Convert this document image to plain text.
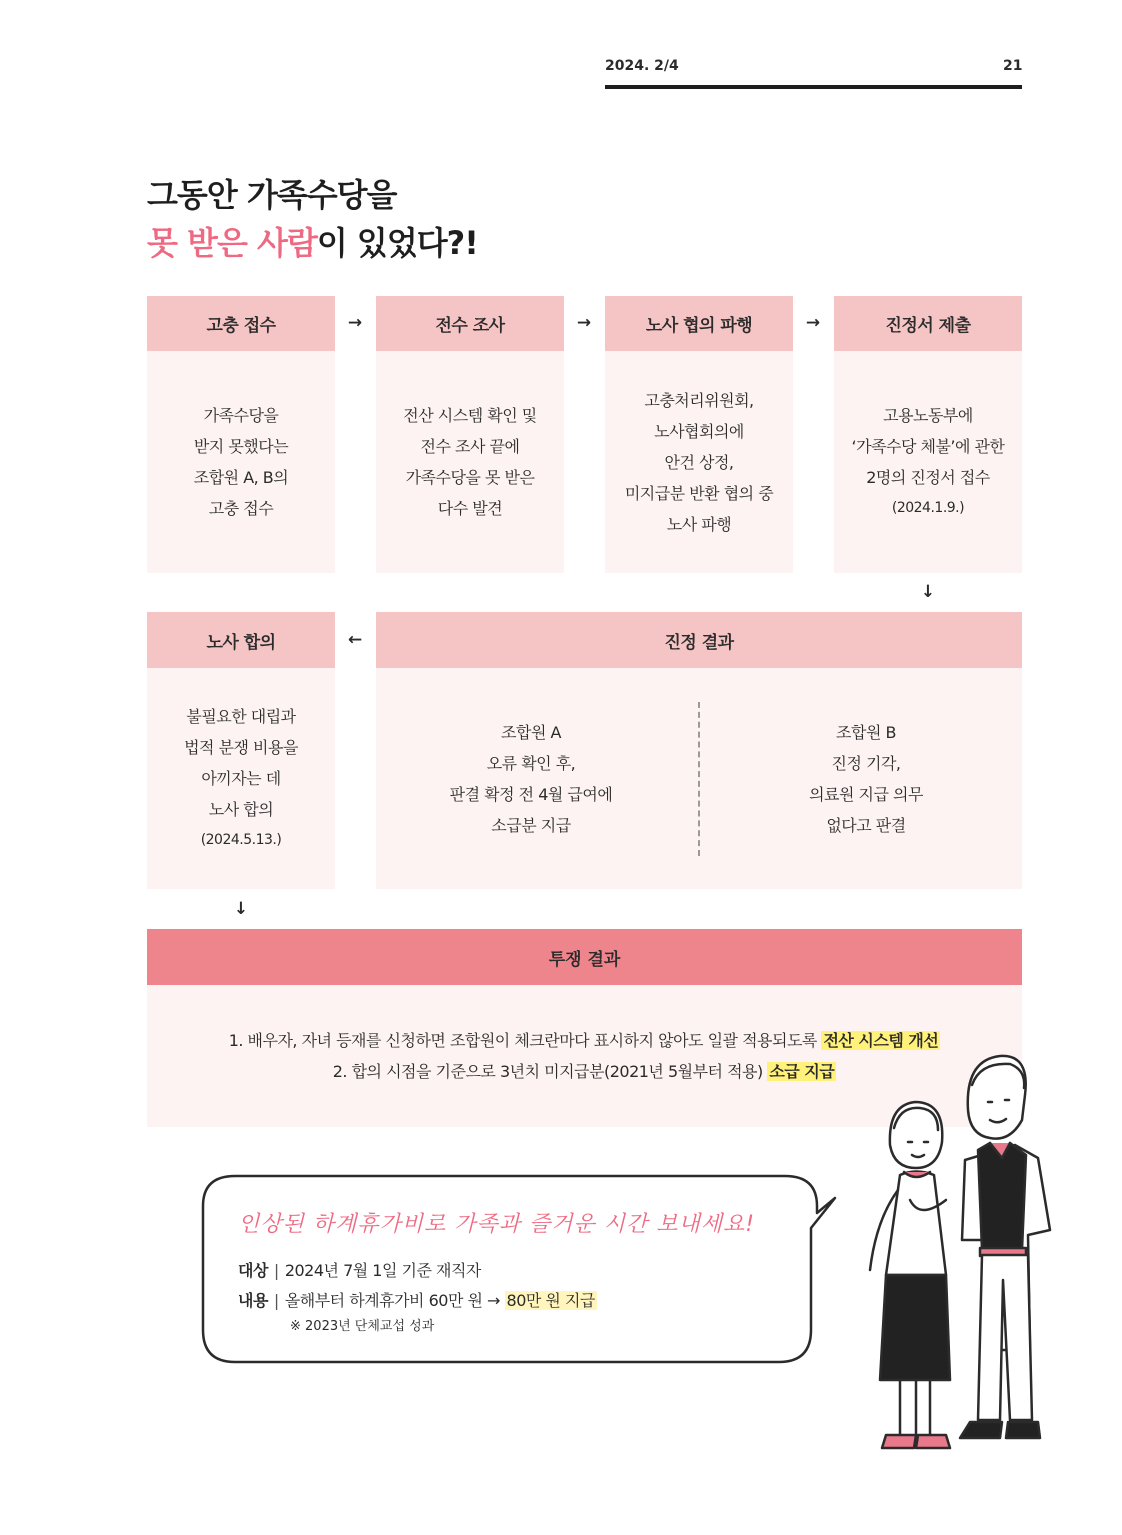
2024. 2/4	21
그동안 가족수당을
못 받은 사람이 있었다?!
고충 접수
가족수당을
받지 못했다는
조합원 A, B의
고충 접수
→	전수 조사
전산 시스템 확인 및
전수 조사 끝에
가족수당을 못 받은
다수 발견
→	노사 협의 파행
고충처리위원회,
노사협회의에
안건 상정,
미지급분 반환 협의 중
노사 파행
→	진정서 제출
고용노동부에
‘가족수당 체불’에 관한
2명의 진정서 접수
(2024.1.9.)
↓
노사 합의
불필요한 대립과
법적 분쟁 비용을
아끼자는 데
노사 합의
(2024.5.13.)
←	진정 결과
조합원 A
오류 확인 후,
판결 확정 전 4월 급여에
소급분 지급
조합원 B
진정 기각,
의료원 지급 의무
없다고 판결
↓
투쟁 결과
1. 배우자, 자녀 등재를 신청하면 조합원이 체크란마다 표시하지 않아도 일괄 적용되도록 전산 시스템 개선
2. 합의 시점을 기준으로 3년치 미지급분(2021년 5월부터 적용) 소급 지급
인상된 하계휴가비로 가족과 즐거운 시간 보내세요!
대상 | 2024년 7월 1일 기준 재직자
내용 | 올해부터 하계휴가비 60만 원 → 80만 원 지급
※ 2023년 단체교섭 성과
